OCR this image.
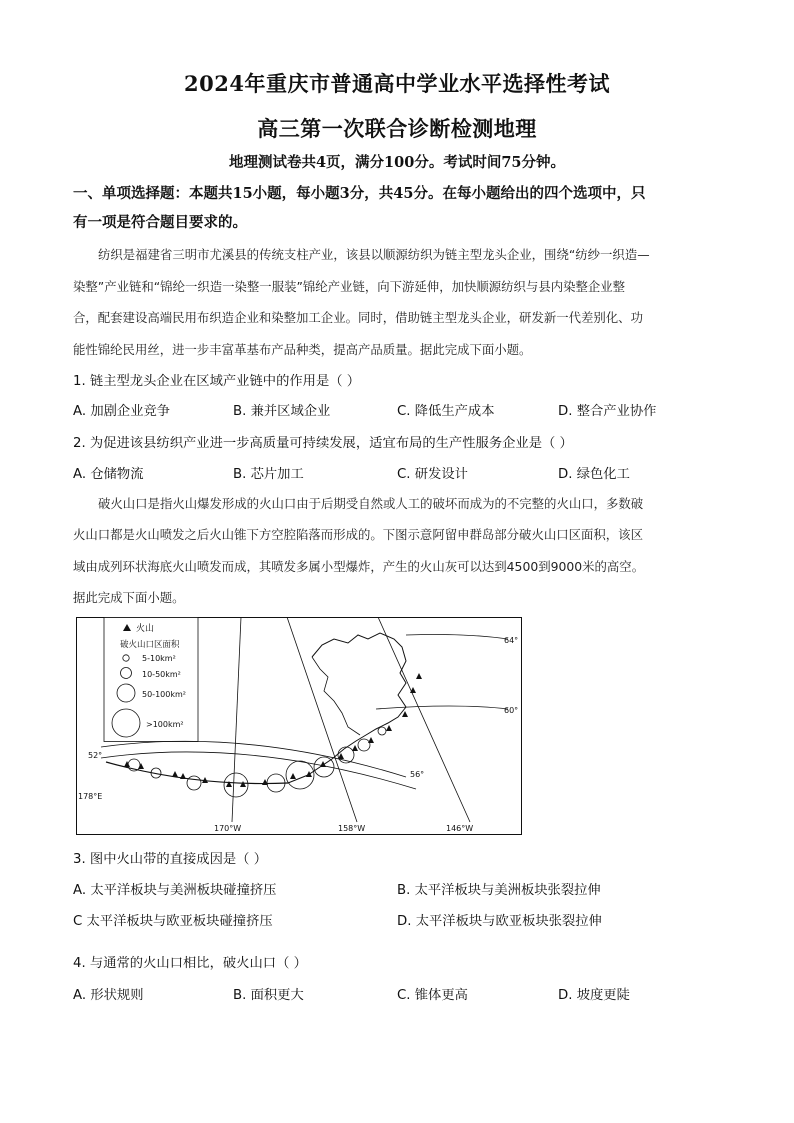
2024年重庆市普通高中学业水平选择性考试
高三第一次联合诊断检测地理
地理测试卷共4页，满分100分。考试时间75分钟。
一、单项选择题：本题共15小题，每小题3分，共45分。在每小题给出的四个选项中，只
有一项是符合题目要求的。
纺织是福建省三明市尤溪县的传统支柱产业，该县以顺源纺织为链主型龙头企业，围绕“纺纱一织造—
染整”产业链和“锦纶一织造一染整一服装”锦纶产业链，向下游延伸，加快顺源纺织与县内染整企业整
合，配套建设高端民用布织造企业和染整加工企业。同时，借助链主型龙头企业，研发新一代差别化、功
能性锦纶民用丝，进一步丰富革基布产品种类，提高产品质量。据此完成下面小题。
1. 链主型龙头企业在区域产业链中的作用是（ ）
A. 加剧企业竞争	B. 兼并区域企业	C. 降低生产成本	D. 整合产业协作
2. 为促进该县纺织产业进一步高质量可持续发展，适宜布局的生产性服务企业是（ ）
A. 仓储物流	B. 芯片加工	C. 研发设计	D. 绿色化工
破火山口是指火山爆发形成的火山口由于后期受自然或人工的破坏而成为的不完整的火山口，多数破
火山口都是火山喷发之后火山锥下方空腔陷落而形成的。下图示意阿留申群岛部分破火山口区面积，该区
域由成列环状海底火山喷发而成，其喷发多属小型爆炸，产生的火山灰可以达到4500到9000米的高空。
据此完成下面小题。
火山
破火山口区面积
5-10km²
10-50km²
50-100km²
>100km²
64°
60°
56°
52°
178°E
170°W	158°W	146°W
3. 图中火山带的直接成因是（ ）
A. 太平洋板块与美洲板块碰撞挤压	B. 太平洋板块与美洲板块张裂拉伸
C 太平洋板块与欧亚板块碰撞挤压	D. 太平洋板块与欧亚板块张裂拉伸
4. 与通常的火山口相比，破火山口（ ）
A. 形状规则	B. 面积更大	C. 锥体更高	D. 坡度更陡
